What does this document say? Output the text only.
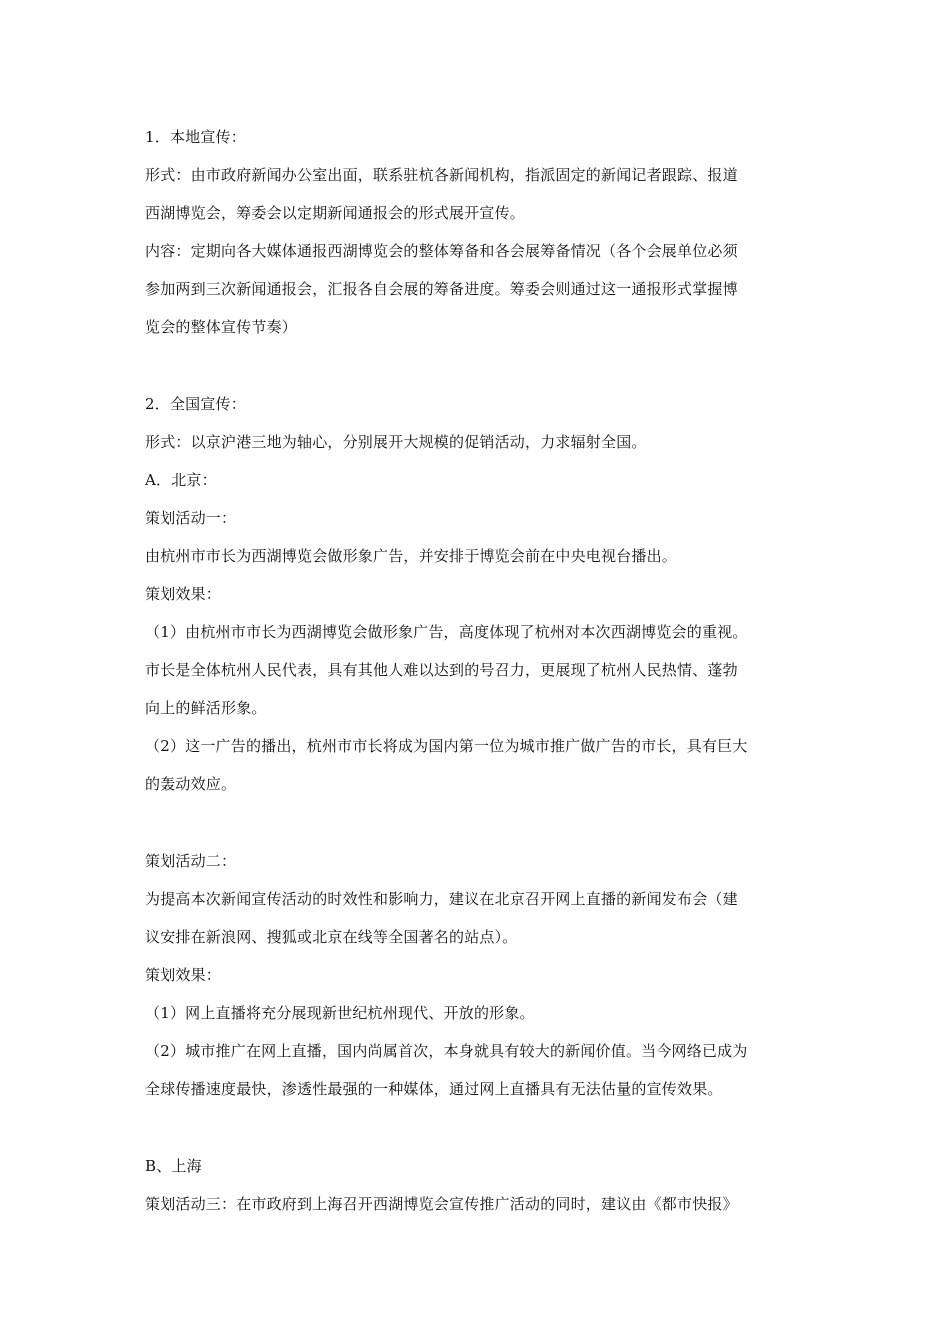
1．本地宣传：
形式：由市政府新闻办公室出面，联系驻杭各新闻机构，指派固定的新闻记者跟踪、报道
西湖博览会，筹委会以定期新闻通报会的形式展开宣传。
内容：定期向各大媒体通报西湖博览会的整体筹备和各会展筹备情况（各个会展单位必须
参加两到三次新闻通报会，汇报各自会展的筹备进度。筹委会则通过这一通报形式掌握博
览会的整体宣传节奏）
2．全国宣传：
形式：以京沪港三地为轴心，分别展开大规模的促销活动，力求辐射全国。
A．北京：
策划活动一：
由杭州市市长为西湖博览会做形象广告，并安排于博览会前在中央电视台播出。
策划效果：
（1）由杭州市市长为西湖博览会做形象广告，高度体现了杭州对本次西湖博览会的重视。
市长是全体杭州人民代表，具有其他人难以达到的号召力，更展现了杭州人民热情、蓬勃
向上的鲜活形象。
（2）这一广告的播出，杭州市市长将成为国内第一位为城市推广做广告的市长，具有巨大
的轰动效应。
策划活动二：
为提高本次新闻宣传活动的时效性和影响力，建议在北京召开网上直播的新闻发布会（建
议安排在新浪网、搜狐或北京在线等全国著名的站点）。
策划效果：
（1）网上直播将充分展现新世纪杭州现代、开放的形象。
（2）城市推广在网上直播，国内尚属首次，本身就具有较大的新闻价值。当今网络已成为
全球传播速度最快，渗透性最强的一种媒体，通过网上直播具有无法估量的宣传效果。
B、上海
策划活动三：在市政府到上海召开西湖博览会宣传推广活动的同时，建议由《都市快报》
